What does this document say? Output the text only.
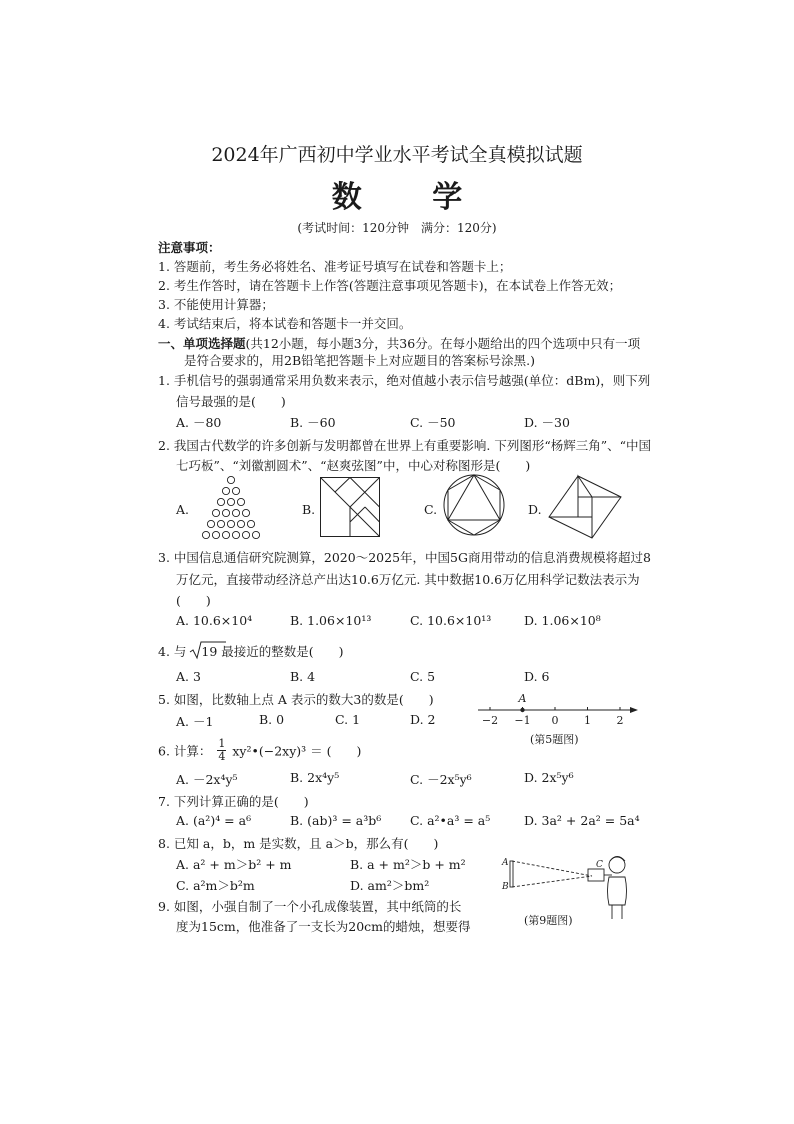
2024年广西初中学业水平考试全真模拟试题
数 学
(考试时间：120分钟　满分：120分)
注意事项：
1. 答题前，考生务必将姓名、准考证号填写在试卷和答题卡上；
2. 考生作答时，请在答题卡上作答(答题注意事项见答题卡)，在本试卷上作答无效；
3. 不能使用计算器；
4. 考试结束后，将本试卷和答题卡一并交回。
一、单项选择题(共12小题，每小题3分，共36分。在每小题给出的四个选项中只有一项
是符合要求的，用2B铅笔把答题卡上对应题目的答案标号涂黑.)
1. 手机信号的强弱通常采用负数来表示，绝对值越小表示信号越强(单位：dBm)，则下列
信号最强的是(　　)
A. －80	B. －60	C. －50	D. －30
2. 我国古代数学的许多创新与发明都曾在世界上有重要影响. 下列图形“杨辉三角”、“中国
七巧板”、“刘徽割圆术”、“赵爽弦图”中，中心对称图形是(　　)
A.	B.	C.	D.
3. 中国信息通信研究院测算，2020～2025年，中国5G商用带动的信息消费规模将超过8
万亿元，直接带动经济总产出达10.6万亿元. 其中数据10.6万亿用科学记数法表示为
(　　)
A. 10.6×10⁴	B. 1.06×10¹³	C. 10.6×10¹³	D. 1.06×10⁸
4. 与 19 最接近的整数是(　　)
A. 3	B. 4	C. 5	D. 6
5. 如图，比数轴上点 A 表示的数大3的数是(　　)
A. －1	B. 0	C. 1	D. 2	−2 −1 0 1 2
A
(第5题图)
6. 计算： $\frac{1}{4}$ xy²•(−2xy)³ ＝ (　　)
A. －2x⁴y⁵	B. 2x⁴y⁵	C. －2x⁵y⁶	D. 2x⁵y⁶
7. 下列计算正确的是(　　)
A. (a²)⁴ = a⁶	B. (ab)³ = a³b⁶ C. a²•a³ = a⁵	D. 3a² + 2a² = 5a⁴
8. 已知 a，b，m 是实数，且 a＞b，那么有(　　)
A. a² + m＞b² + m	B. a + m²＞b + m²
C. a²m＞b²m	D. am²＞bm²
9. 如图，小强自制了一个小孔成像装置，其中纸筒的长
度为15cm，他准备了一支长为20cm的蜡烛，想要得
A
B
C
(第9题图)
